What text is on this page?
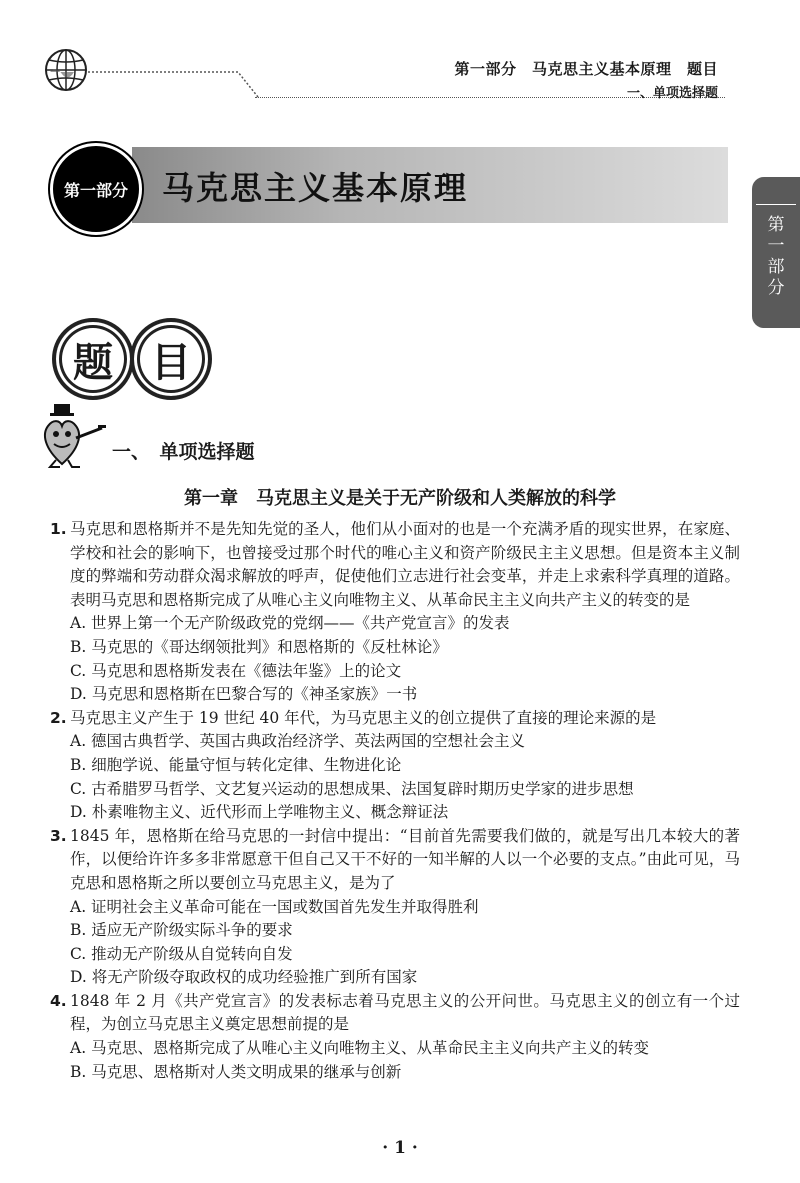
第一部分　马克思主义基本原理　题目
一、单项选择题
第一部分 马克思主义基本原理
第
一
部
分
题 目
一、　单项选择题
第一章　马克思主义是关于无产阶级和人类解放的科学
1. 马克思和恩格斯并不是先知先觉的圣人，他们从小面对的也是一个充满矛盾的现实世界，在家庭、学校和社会的影响下，也曾接受过那个时代的唯心主义和资产阶级民主主义思想。但是资本主义制度的弊端和劳动群众渴求解放的呼声，促使他们立志进行社会变革，并走上求索科学真理的道路。表明马克思和恩格斯完成了从唯心主义向唯物主义、从革命民主主义向共产主义的转变的是
A. 世界上第一个无产阶级政党的党纲——《共产党宣言》的发表
B. 马克思的《哥达纲领批判》和恩格斯的《反杜林论》
C. 马克思和恩格斯发表在《德法年鉴》上的论文
D. 马克思和恩格斯在巴黎合写的《神圣家族》一书
2. 马克思主义产生于 19 世纪 40 年代，为马克思主义的创立提供了直接的理论来源的是
A. 德国古典哲学、英国古典政治经济学、英法两国的空想社会主义
B. 细胞学说、能量守恒与转化定律、生物进化论
C. 古希腊罗马哲学、文艺复兴运动的思想成果、法国复辟时期历史学家的进步思想
D. 朴素唯物主义、近代形而上学唯物主义、概念辩证法
3. 1845 年，恩格斯在给马克思的一封信中提出：“目前首先需要我们做的，就是写出几本较大的著作，以便给许许多多非常愿意干但自己又干不好的一知半解的人以一个必要的支点。”由此可见，马克思和恩格斯之所以要创立马克思主义，是为了
A. 证明社会主义革命可能在一国或数国首先发生并取得胜利
B. 适应无产阶级实际斗争的要求
C. 推动无产阶级从自觉转向自发
D. 将无产阶级夺取政权的成功经验推广到所有国家
4. 1848 年 2 月《共产党宣言》的发表标志着马克思主义的公开问世。马克思主义的创立有一个过程，为创立马克思主义奠定思想前提的是
A. 马克思、恩格斯完成了从唯心主义向唯物主义、从革命民主主义向共产主义的转变
B. 马克思、恩格斯对人类文明成果的继承与创新
· 1 ·
